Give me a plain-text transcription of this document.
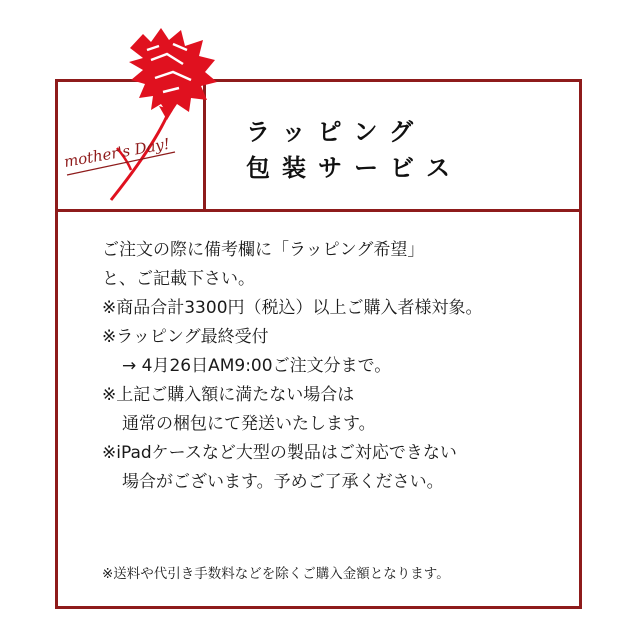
mother's Day!
ラッピング
包装サービス
ご注文の際に備考欄に「ラッピング希望」
と、ご記載下さい。
※商品合計3300円（税込）以上ご購入者様対象。
※ラッピング最終受付
→ 4月26日AM9:00ご注文分まで。
※上記ご購入額に満たない場合は
通常の梱包にて発送いたします。
※iPadケースなど大型の製品はご対応できない
場合がございます。予めご了承ください。
※送料や代引き手数料などを除くご購入金額となります。
